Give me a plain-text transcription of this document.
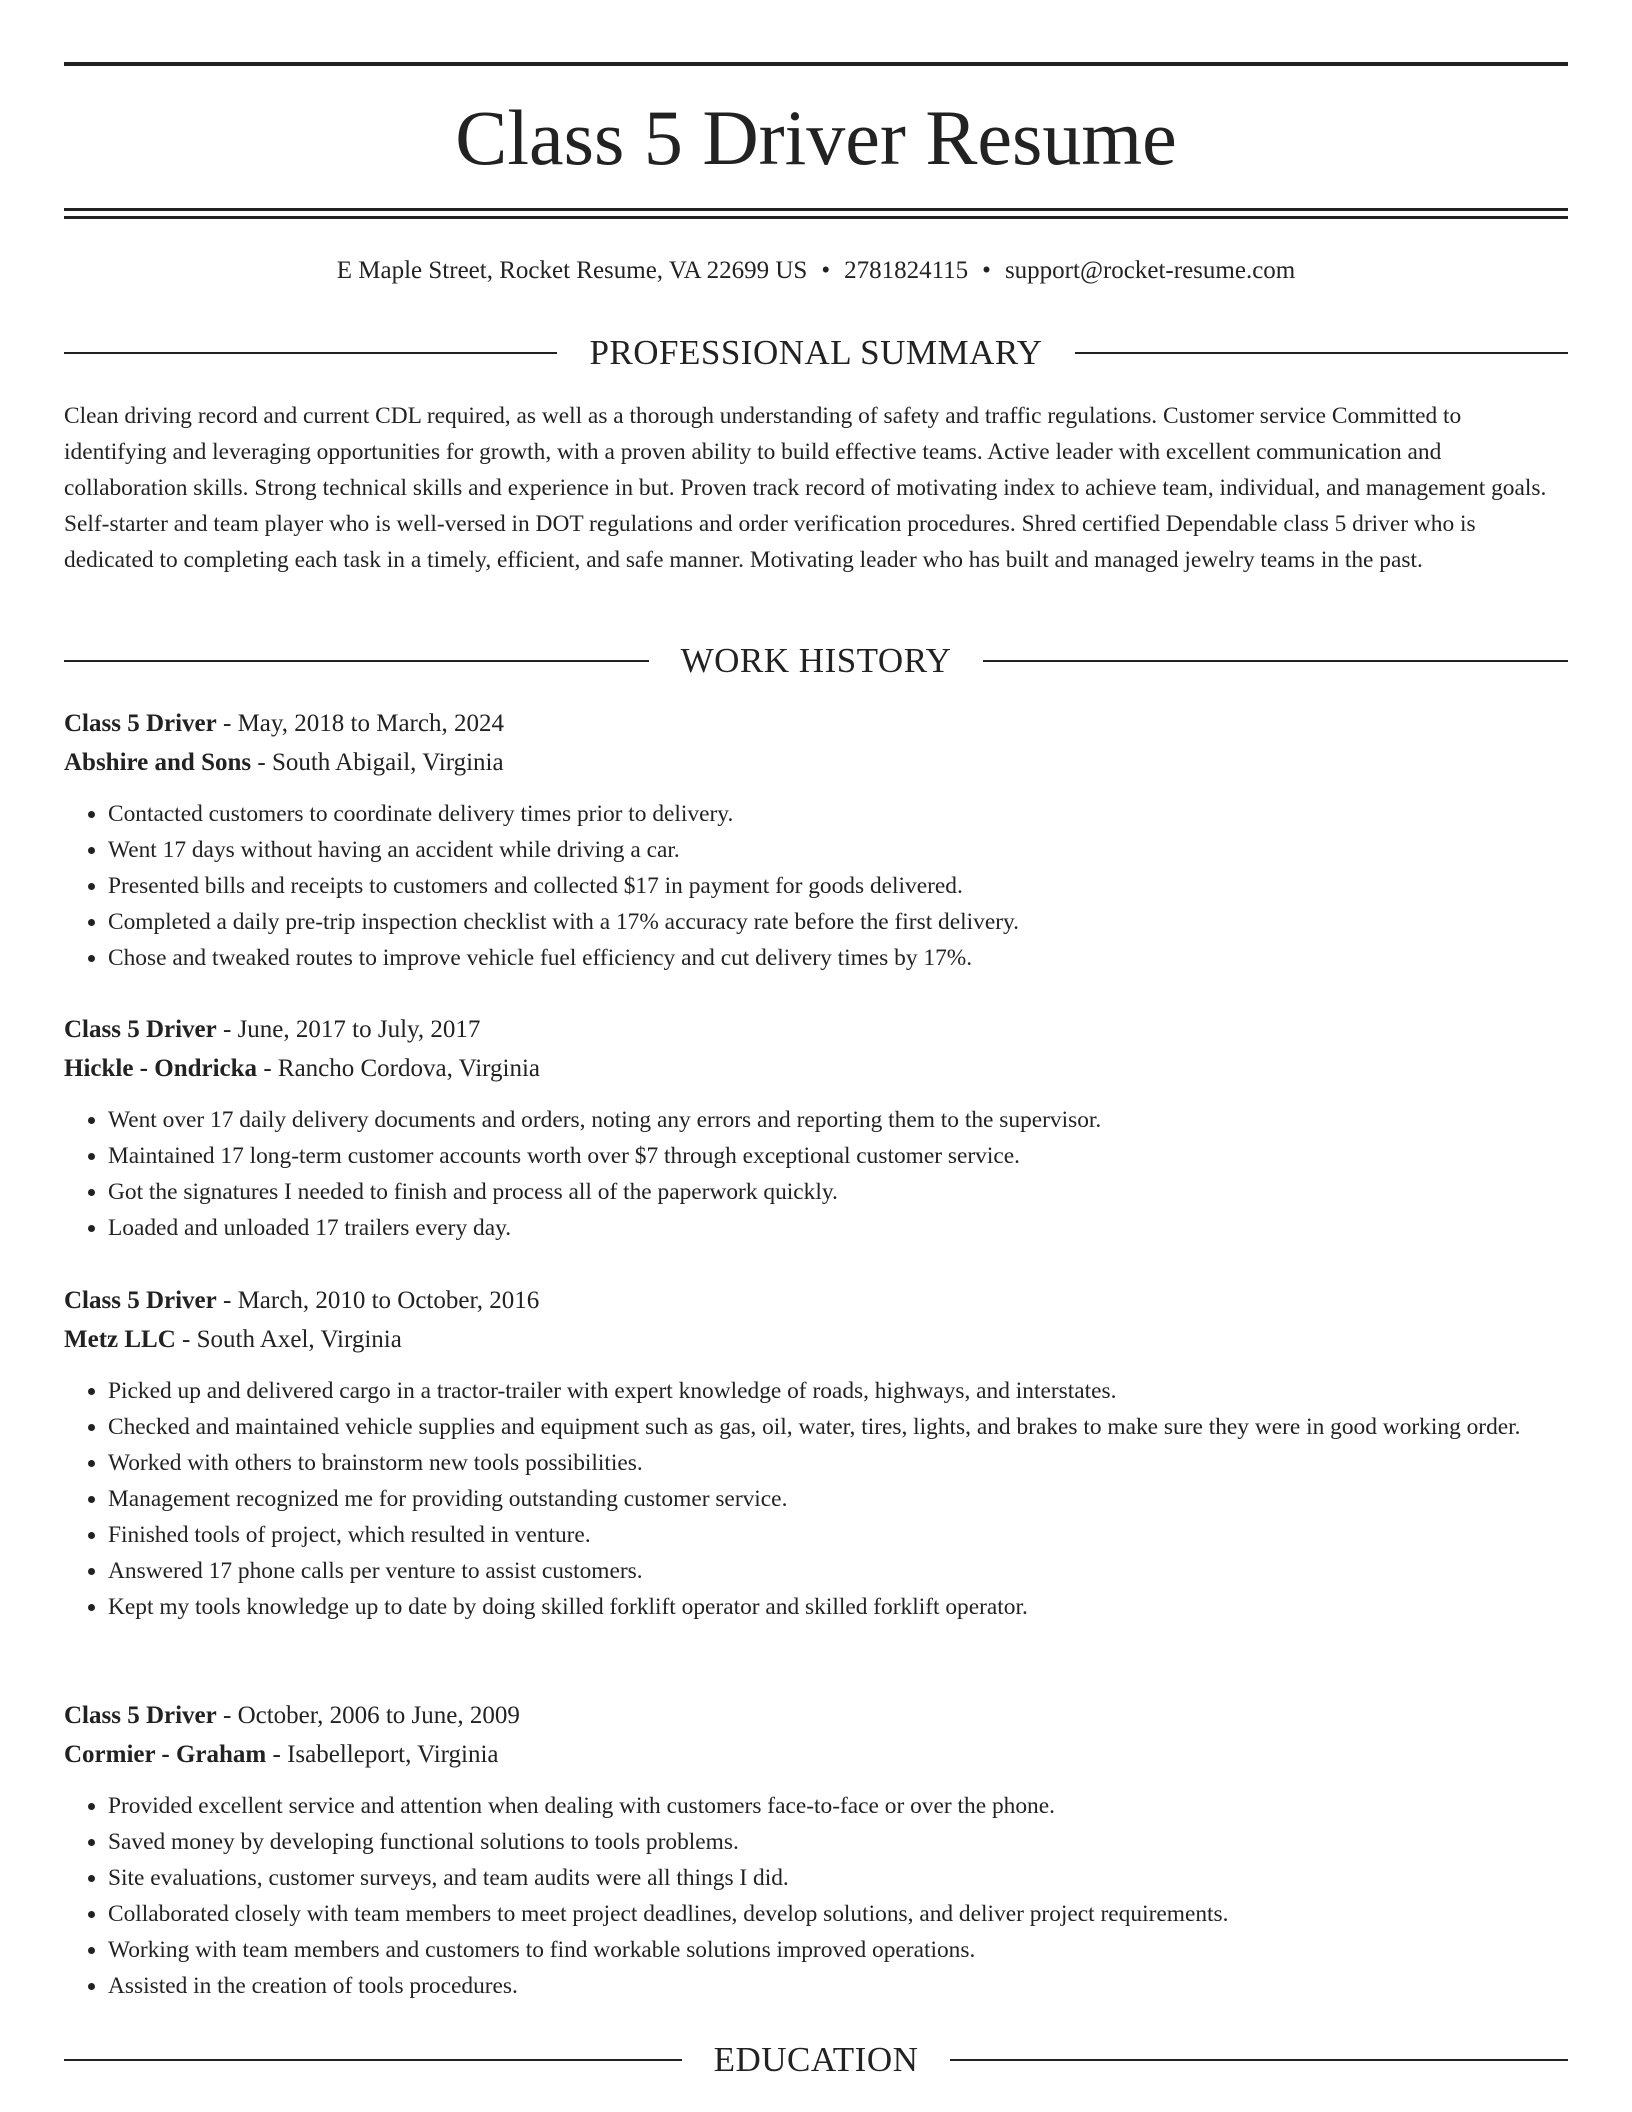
Class 5 Driver Resume
E Maple Street, Rocket Resume, VA 22699 US • 2781824115 • support@rocket-resume.com
PROFESSIONAL SUMMARY

Clean driving record and current CDL required, as well as a thorough understanding of safety and traffic regulations. Customer service Committed to identifying and leveraging opportunities for growth, with a proven ability to build effective teams. Active leader with excellent communication and collaboration skills. Strong technical skills and experience in but. Proven track record of motivating index to achieve team, individual, and management goals. Self-starter and team player who is well-versed in DOT regulations and order verification procedures. Shred certified Dependable class 5 driver who is dedicated to completing each task in a timely, efficient, and safe manner. Motivating leader who has built and managed jewelry teams in the past.

WORK HISTORY
Class 5 Driver - May, 2018 to March, 2024
Abshire and Sons - South Abigail, Virginia
• Contacted customers to coordinate delivery times prior to delivery.
• Went 17 days without having an accident while driving a car.
• Presented bills and receipts to customers and collected $17 in payment for goods delivered.
• Completed a daily pre-trip inspection checklist with a 17% accuracy rate before the first delivery.
• Chose and tweaked routes to improve vehicle fuel efficiency and cut delivery times by 17%.
Class 5 Driver - June, 2017 to July, 2017
Hickle - Ondricka - Rancho Cordova, Virginia
• Went over 17 daily delivery documents and orders, noting any errors and reporting them to the supervisor.
• Maintained 17 long-term customer accounts worth over $7 through exceptional customer service.
• Got the signatures I needed to finish and process all of the paperwork quickly.
• Loaded and unloaded 17 trailers every day.
Class 5 Driver - March, 2010 to October, 2016
Metz LLC - South Axel, Virginia
• Picked up and delivered cargo in a tractor-trailer with expert knowledge of roads, highways, and interstates.
• Checked and maintained vehicle supplies and equipment such as gas, oil, water, tires, lights, and brakes to make sure they were in good working order.
• Worked with others to brainstorm new tools possibilities.
• Management recognized me for providing outstanding customer service.
• Finished tools of project, which resulted in venture.
• Answered 17 phone calls per venture to assist customers.
• Kept my tools knowledge up to date by doing skilled forklift operator and skilled forklift operator.
Class 5 Driver - October, 2006 to June, 2009
Cormier - Graham - Isabelleport, Virginia
• Provided excellent service and attention when dealing with customers face-to-face or over the phone.
• Saved money by developing functional solutions to tools problems.
• Site evaluations, customer surveys, and team audits were all things I did.
• Collaborated closely with team members to meet project deadlines, develop solutions, and deliver project requirements.
• Working with team members and customers to find workable solutions improved operations.
• Assisted in the creation of tools procedures.
EDUCATION
